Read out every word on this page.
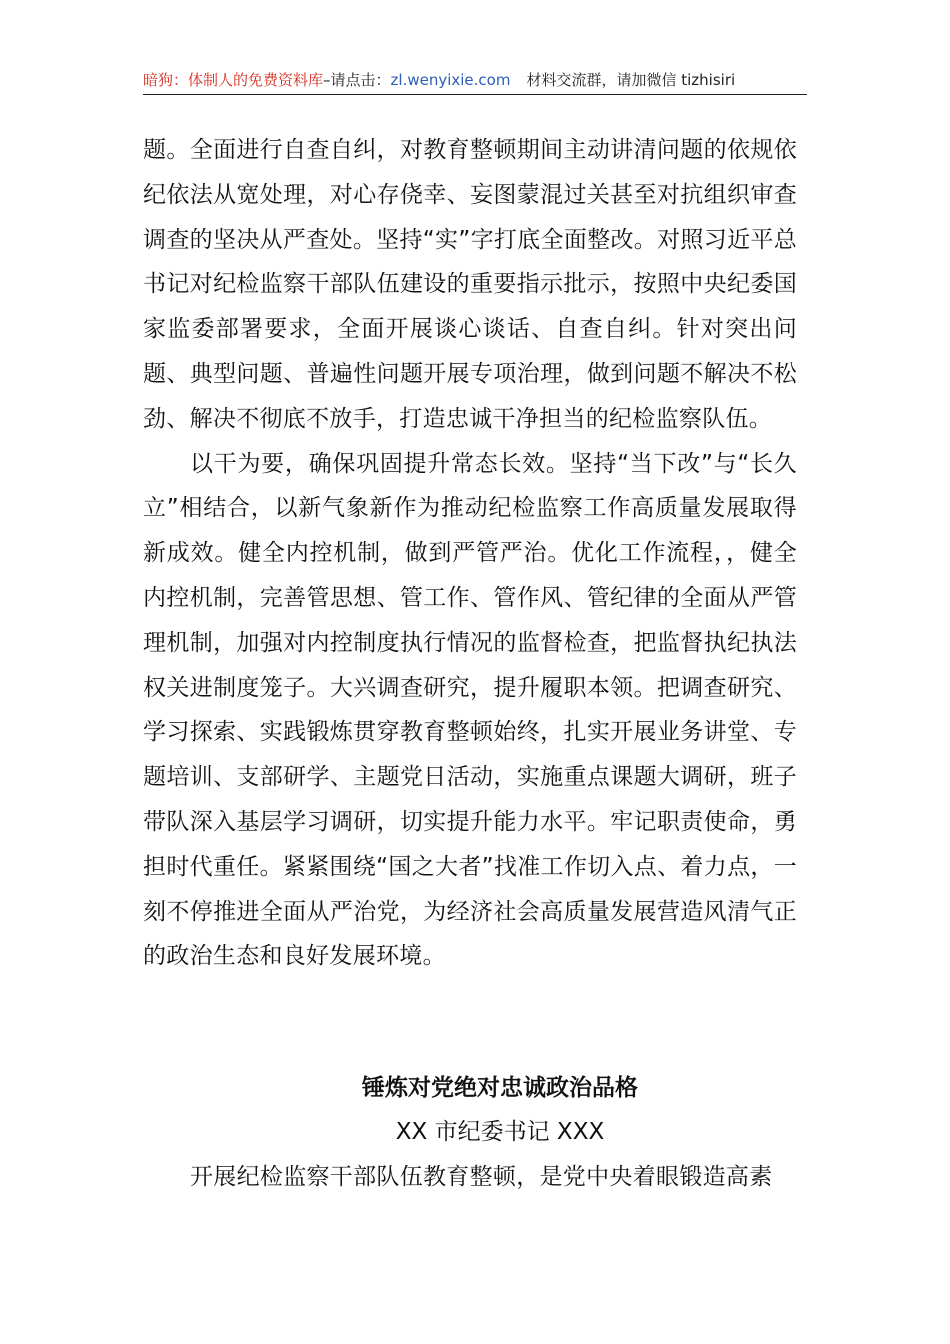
暗狗：体制人的免费资料库–请点击：zl.wenyixie.com 材料交流群，请加微信 tizhisiri

题。全面进行自查自纠，对教育整顿期间主动讲清问题的依规依纪依法从宽处理，对心存侥幸、妄图蒙混过关甚至对抗组织审查调查的坚决从严查处。坚持“实”字打底全面整改。对照习近平总书记对纪检监察干部队伍建设的重要指示批示，按照中央纪委国家监委部署要求，全面开展谈心谈话、自查自纠。针对突出问题、典型问题、普遍性问题开展专项治理，做到问题不解决不松劲、解决不彻底不放手，打造忠诚干净担当的纪检监察队伍。

以干为要，确保巩固提升常态长效。坚持“当下改”与“长久立”相结合，以新气象新作为推动纪检监察工作高质量发展取得新成效。健全内控机制，做到严管严治。优化工作流程，，健全内控机制，完善管思想、管工作、管作风、管纪律的全面从严管理机制，加强对内控制度执行情况的监督检查，把监督执纪执法权关进制度笼子。大兴调查研究，提升履职本领。把调查研究、学习探索、实践锻炼贯穿教育整顿始终，扎实开展业务讲堂、专题培训、支部研学、主题党日活动，实施重点课题大调研，班子带队深入基层学习调研，切实提升能力水平。牢记职责使命，勇担时代重任。紧紧围绕“国之大者”找准工作切入点、着力点，一刻不停推进全面从严治党，为经济社会高质量发展营造风清气正的政治生态和良好发展环境。

锤炼对党绝对忠诚政治品格

XX 市纪委书记 XXX

开展纪检监察干部队伍教育整顿，是党中央着眼锻造高素
